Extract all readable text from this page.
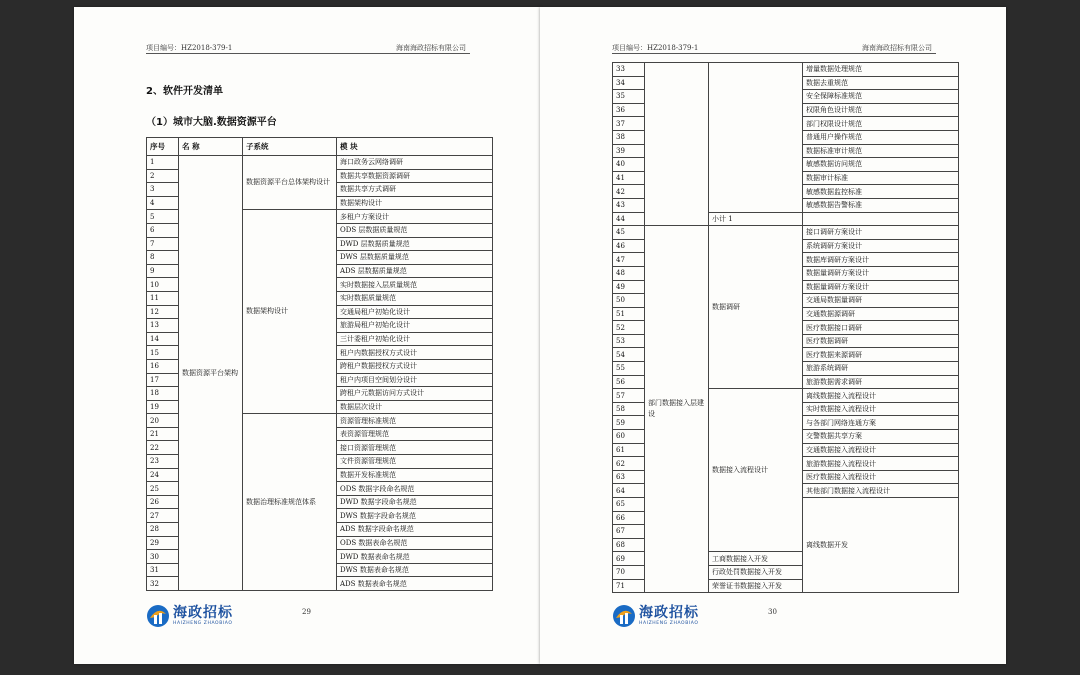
项目编号：HZ2018-379-1	海南海政招标有限公司
2、软件开发清单
（1）城市大脑.数据资源平台
序号	名 称	子系统	模 块
1	数据资源平台架构	数据资源平台总体架构设计	海口政务云网络调研
2			数据共享数据资源调研
3			数据共享方式调研
4			数据架构设计
5		数据架构设计	多租户方案设计
6			ODS 层数据质量规范
7			DWD 层数据质量规范
8			DWS 层数据质量规范
9			ADS 层数据质量规范
10			实时数据接入层质量规范
11			实时数据质量规范
12			交通局租户初始化设计
13			旅游局租户初始化设计
14			三计委租户初始化设计
15			租户内数据授权方式设计
16			跨租户数据授权方式设计
17			租户内项目空间划分设计
18			跨租户元数据访问方式设计
19			数据层次设计
20		数据治理标准规范体系	资源管理标准规范
21			表资源管理规范
22			接口资源管理规范
23			文件资源管理规范
24			数据开发标准规范
25			ODS 数据字段命名规范
26			DWD 数据字段命名规范
27			DWS 数据字段命名规范
28			ADS 数据字段命名规范
29			ODS 数据表命名规范
30			DWD 数据表命名规范
31			DWS 数据表命名规范
32			ADS 数据表命名规范
海政招标
HAIZHENG ZHAOBIAO
29
项目编号：HZ2018-379-1	海南海政招标有限公司
33			增量数据处理规范	
34			数据去重规范	
35			安全保障标准规范	
36			权限角色设计规范	
37			部门权限设计规范	
38			普通用户操作规范	
39			数据标准审计规范	
40			敏感数据访问规范	
41			数据审计标准	
42			敏感数据监控标准	
43			敏感数据告警标准	
44		小计 1		
45	部门数据接入层建设	数据调研	接口调研方案设计	
46			系统调研方案设计	
47			数据库调研方案设计	
48			数据量调研方案设计	
49			数据量调研方案设计	
50			交通局数据量调研	
51			交通数据源调研	
52			医疗数据接口调研	
53			医疗数据调研	
54			医疗数据来源调研	
55			旅游系统调研	
56			旅游数据需求调研	
57		数据接入流程设计	离线数据接入流程设计	
58			实时数据接入流程设计	
59			与各部门网络连通方案	
60			交警数据共享方案	
61			交通数据接入流程设计	
62			旅游数据接入流程设计	
63			医疗数据接入流程设计	
64			其他部门数据接入流程设计	
65			离线数据开发	
66	
67	
68	
69		工商数据接入开发		
70		行政处罚数据接入开发		
71		荣誉证书数据接入开发		
海政招标
HAIZHENG ZHAOBIAO
30
